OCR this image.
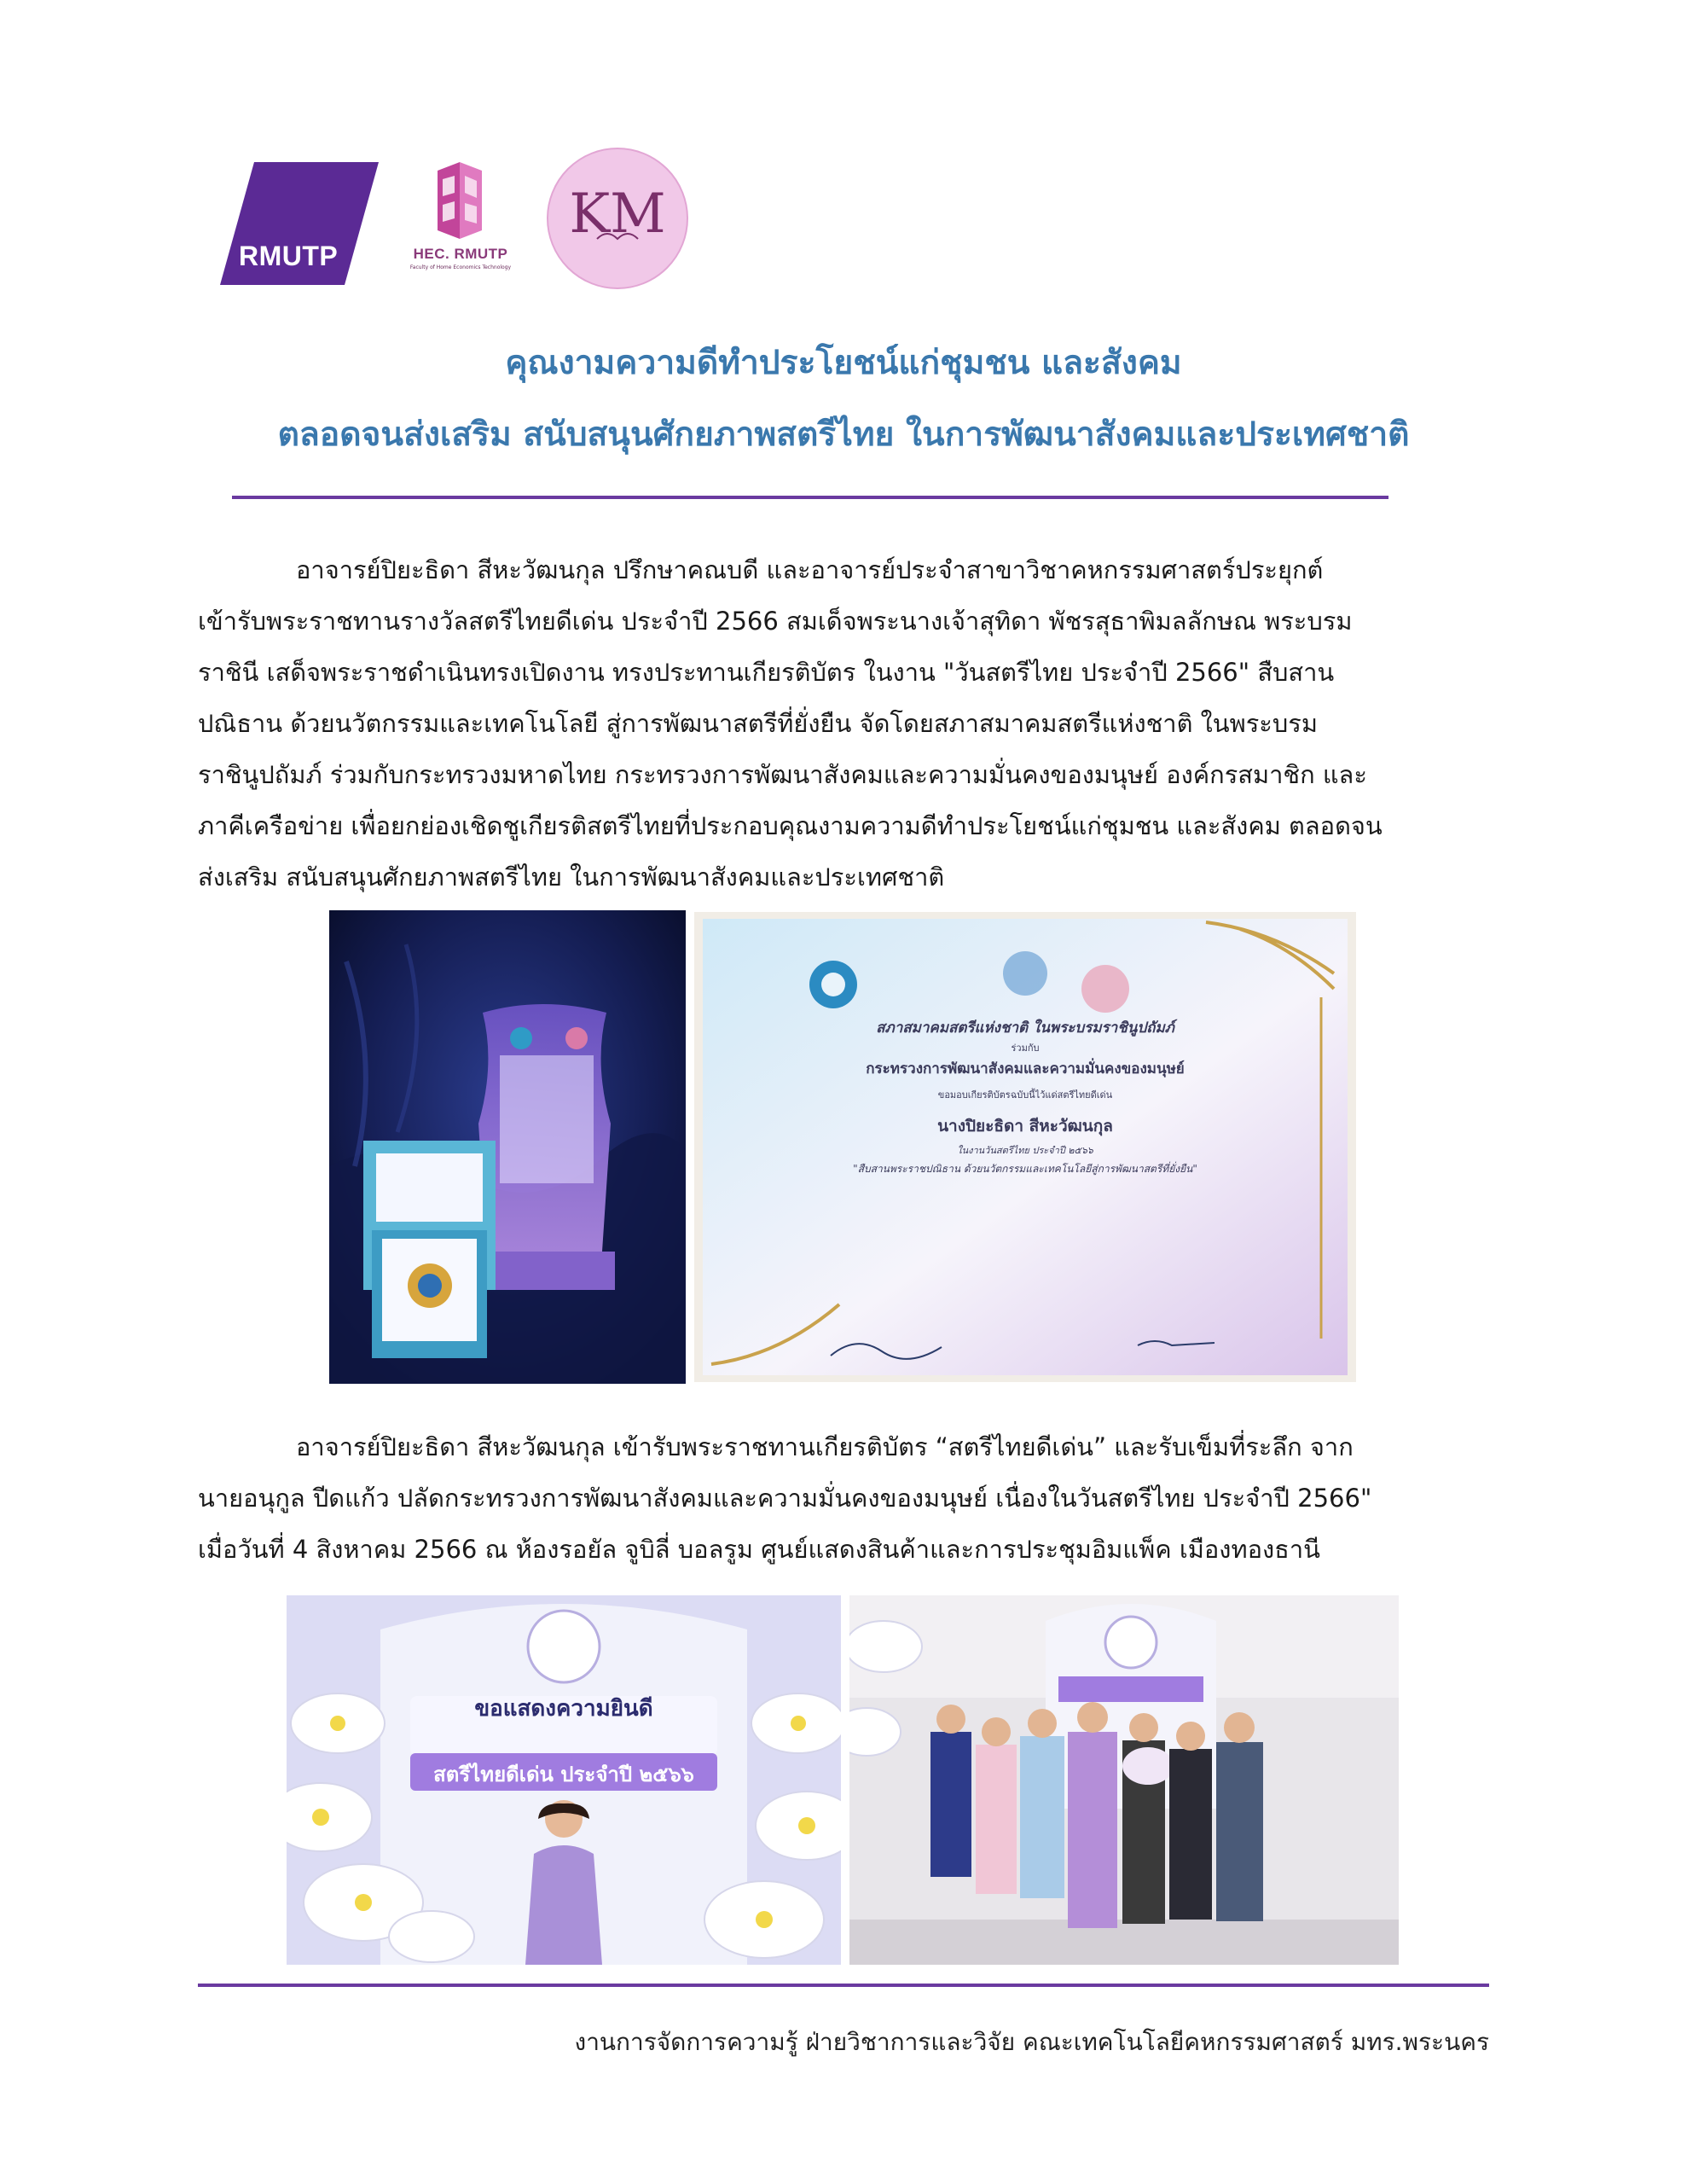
RMUTP	HEC. RMUTP
Faculty of Home Economics Technology
KM
คุณงามความดีทำประโยชน์แก่ชุมชน และสังคม
ตลอดจนส่งเสริม สนับสนุนศักยภาพสตรีไทย ในการพัฒนาสังคมและประเทศชาติ

อาจารย์ปิยะธิดา สีหะวัฒนกุล ปรึกษาคณบดี และอาจารย์ประจำสาขาวิชาคหกรรมศาสตร์ประยุกต์

เข้ารับพระราชทานรางวัลสตรีไทยดีเด่น ประจำปี 2566 สมเด็จพระนางเจ้าสุทิดา พัชรสุธาพิมลลักษณ พระบรม

ราชินี เสด็จพระราชดำเนินทรงเปิดงาน ทรงประทานเกียรติบัตร ในงาน "วันสตรีไทย ประจำปี 2566" สืบสาน

ปณิธาน ด้วยนวัตกรรมและเทคโนโลยี สู่การพัฒนาสตรีที่ยั่งยืน จัดโดยสภาสมาคมสตรีแห่งชาติ ในพระบรม

ราชินูปถัมภ์ ร่วมกับกระทรวงมหาดไทย กระทรวงการพัฒนาสังคมและความมั่นคงของมนุษย์ องค์กรสมาชิก และ

ภาคีเครือข่าย เพื่อยกย่องเชิดชูเกียรติสตรีไทยที่ประกอบคุณงามความดีทำประโยชน์แก่ชุมชน และสังคม ตลอดจน

ส่งเสริม สนับสนุนศักยภาพสตรีไทย ในการพัฒนาสังคมและประเทศชาติ

สภาสมาคมสตรีแห่งชาติ ในพระบรมราชินูปถัมภ์
ร่วมกับ
กระทรวงการพัฒนาสังคมและความมั่นคงของมนุษย์
ขอมอบเกียรติบัตรฉบับนี้ไว้แด่สตรีไทยดีเด่น
นางปิยะธิดา สีหะวัฒนกุล
ในงานวันสตรีไทย ประจำปี ๒๕๖๖
"สืบสานพระราชปณิธาน ด้วยนวัตกรรมและเทคโนโลยีสู่การพัฒนาสตรีที่ยั่งยืน"

อาจารย์ปิยะธิดา สีหะวัฒนกุล เข้ารับพระราชทานเกียรติบัตร “สตรีไทยดีเด่น” และรับเข็มที่ระลึก จาก

นายอนุกูล ปีดแก้ว ปลัดกระทรวงการพัฒนาสังคมและความมั่นคงของมนุษย์ เนื่องในวันสตรีไทย ประจำปี 2566"

เมื่อวันที่ 4 สิงหาคม 2566 ณ ห้องรอยัล จูบิลี่ บอลรูม ศูนย์แสดงสินค้าและการประชุมอิมแพ็ค เมืองทองธานี

ขอแสดงความยินดี
สตรีไทยดีเด่น ประจำปี ๒๕๖๖
งานการจัดการความรู้ ฝ่ายวิชาการและวิจัย คณะเทคโนโลยีคหกรรมศาสตร์ มทร.พระนคร
